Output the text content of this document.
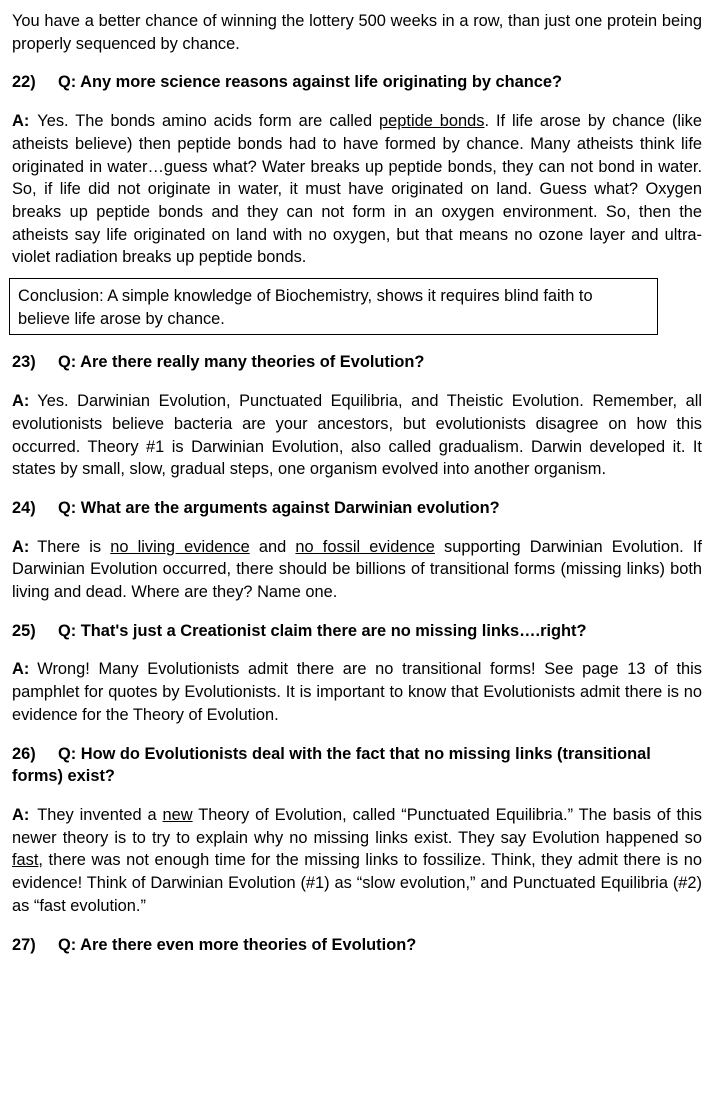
You have a better chance of winning the lottery 500 weeks in a row, than just one protein being properly sequenced by chance.

22) Q: Any more science reasons against life originating by chance?

A: Yes. The bonds amino acids form are called peptide bonds. If life arose by chance (like atheists believe) then peptide bonds had to have formed by chance. Many atheists think life originated in water…guess what? Water breaks up peptide bonds, they can not bond in water. So, if life did not originate in water, it must have originated on land. Guess what? Oxygen breaks up peptide bonds and they can not form in an oxygen environment. So, then the atheists say life originated on land with no oxygen, but that means no ozone layer and ultra-violet radiation breaks up peptide bonds.

Conclusion: A simple knowledge of Biochemistry, shows it requires blind faith to believe life arose by chance.

23) Q: Are there really many theories of Evolution?

A: Yes. Darwinian Evolution, Punctuated Equilibria, and Theistic Evolution. Remember, all evolutionists believe bacteria are your ancestors, but evolutionists disagree on how this occurred. Theory #1 is Darwinian Evolution, also called gradualism. Darwin developed it. It states by small, slow, gradual steps, one organism evolved into another organism.

24) Q: What are the arguments against Darwinian evolution?

A: There is no living evidence and no fossil evidence supporting Darwinian Evolution. If Darwinian Evolution occurred, there should be billions of transitional forms (missing links) both living and dead. Where are they? Name one.

25) Q: That's just a Creationist claim there are no missing links….right?

A: Wrong! Many Evolutionists admit there are no transitional forms! See page 13 of this pamphlet for quotes by Evolutionists. It is important to know that Evolutionists admit there is no evidence for the Theory of Evolution.

26) Q: How do Evolutionists deal with the fact that no missing links (transitional forms) exist?

A: They invented a new Theory of Evolution, called “Punctuated Equilibria.” The basis of this newer theory is to try to explain why no missing links exist. They say Evolution happened so fast, there was not enough time for the missing links to fossilize. Think, they admit there is no evidence! Think of Darwinian Evolution (#1) as “slow evolution,” and Punctuated Equilibria (#2) as “fast evolution.”

27) Q: Are there even more theories of Evolution?
